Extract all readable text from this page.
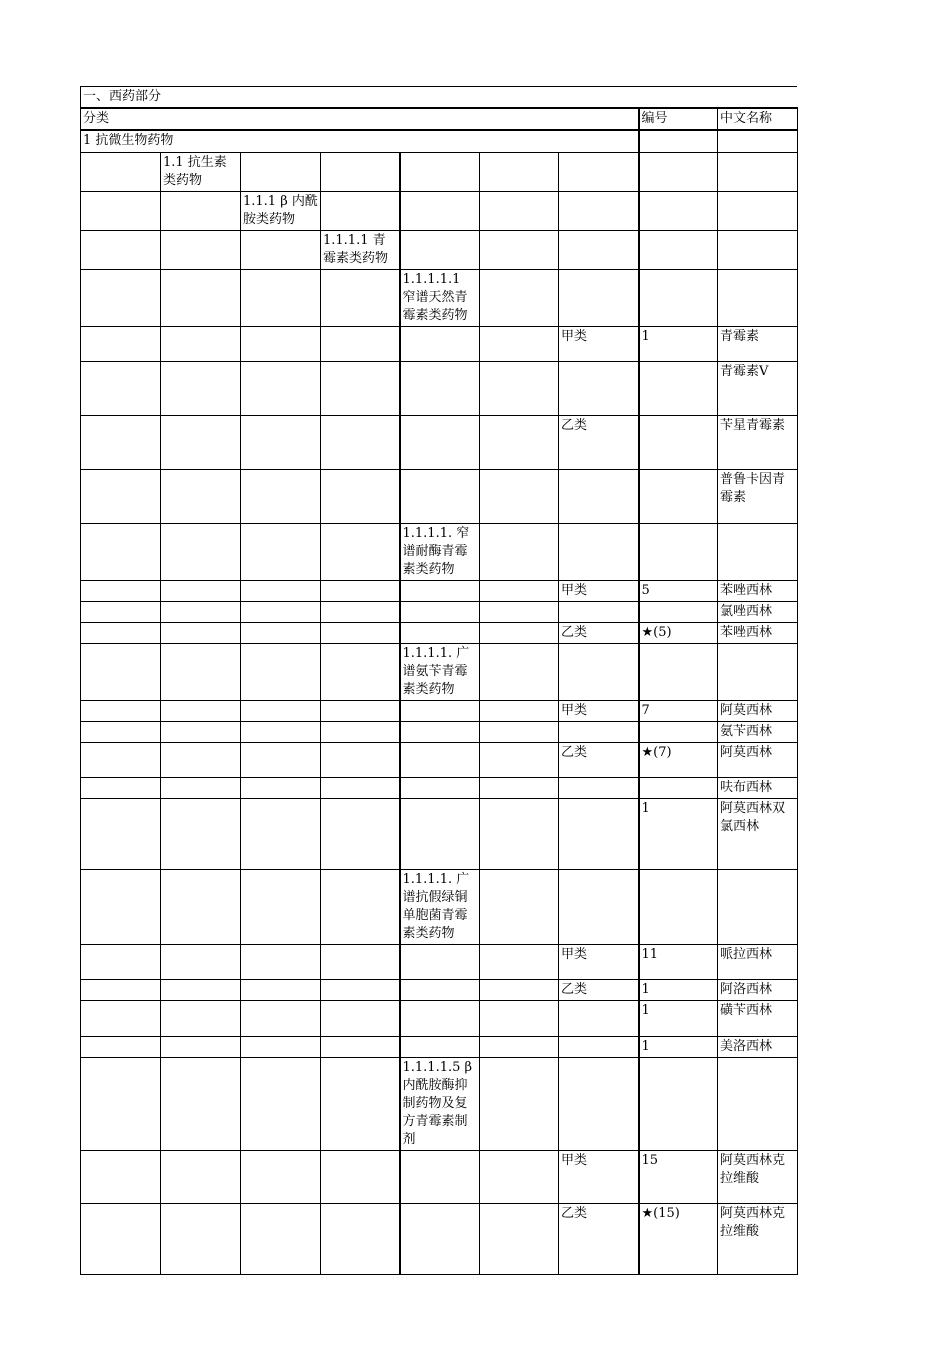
一、西药部分								
分类							编号	中文名称
1 抗微生物药物								
	1.1 抗生素类药物							
		1.1.1 β 内酰胺类药物						
			1.1.1.1 青霉素类药物					
				1.1.1.1.1 窄谱天然青霉素类药物				
						甲类	1	青霉素
								青霉素V
						乙类		苄星青霉素
								普鲁卡因青霉素
				1.1.1.1. 窄谱耐酶青霉素类药物				
						甲类	5	苯唑西林
								氯唑西林
						乙类	★(5)	苯唑西林
				1.1.1.1. 广谱氨苄青霉素类药物				
						甲类	7	阿莫西林
								氨苄西林
						乙类	★(7)	阿莫西林
								呋布西林
							1	阿莫西林双氯西林
				1.1.1.1. 广谱抗假绿铜单胞菌青霉素类药物				
						甲类	11	哌拉西林
						乙类	1	阿洛西林
							1	磺苄西林
							1	美洛西林
				1.1.1.1.5 β 内酰胺酶抑制药物及复方青霉素制剂				
						甲类	15	阿莫西林克拉维酸
						乙类	★(15)	阿莫西林克拉维酸
